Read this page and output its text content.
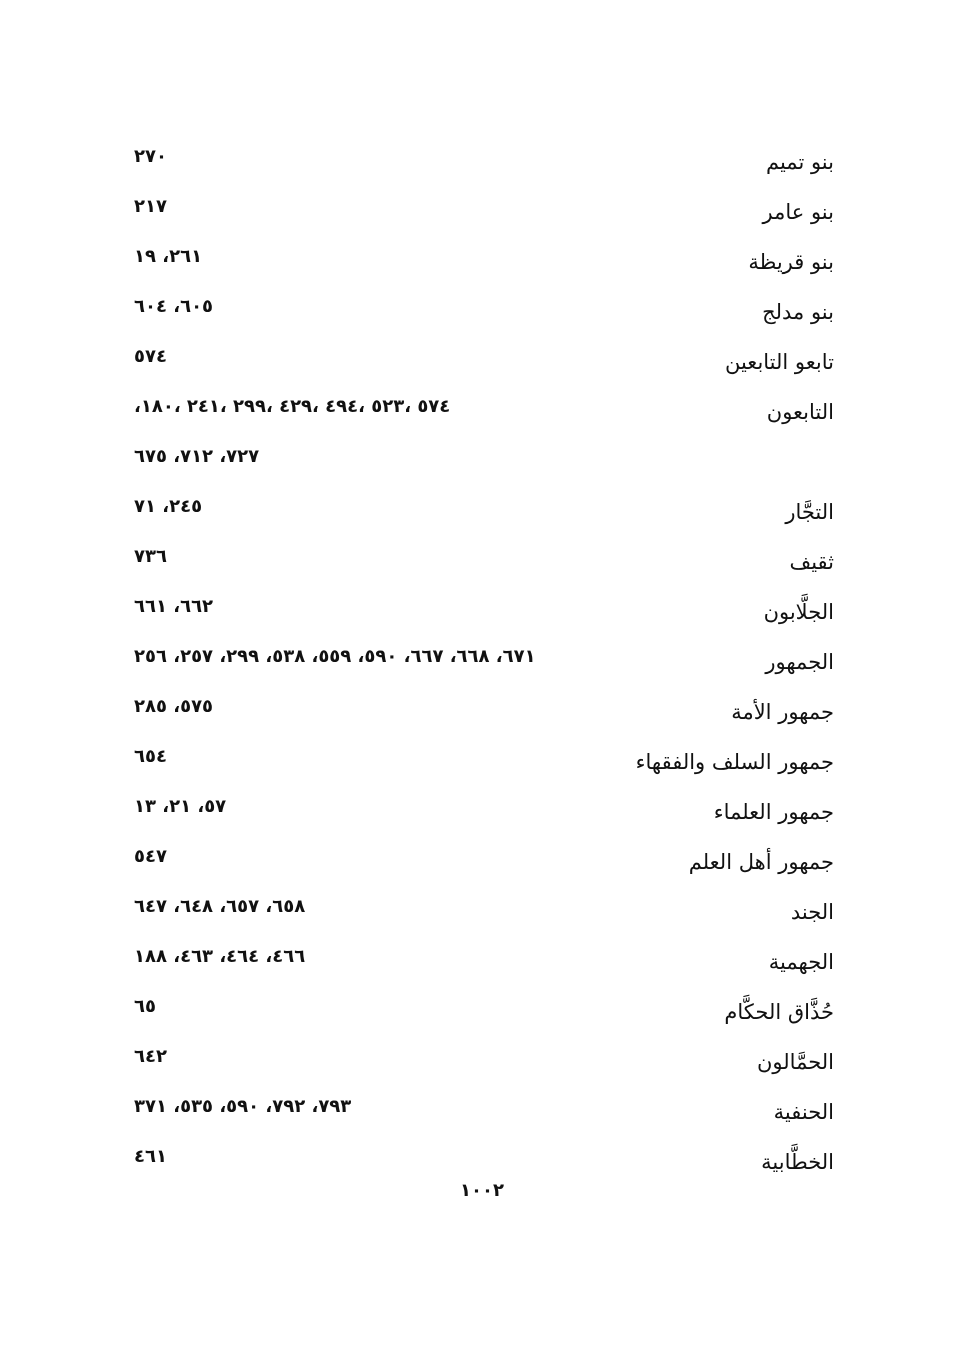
بنو تميم
٢٧٠
بنو عامر
٢١٧
بنو قريظة
٢٦١، ١٩
بنو مدلج
٦٠٥، ٦٠٤
تابعو التابعين
٥٧٤
التابعون
،٥٧٤ ،٥٢٣ ،٤٩٤ ،٤٢٩ ،٢٩٩ ،٢٤١ ،١٨٠
٧٢٧، ٧١٢، ٦٧٥
التجَّار
٢٤٥، ٧١
ثقيف
٧٣٦
الجلَّابون
٦٦٢، ٦٦١
الجمهور
٦٧١، ٦٦٨، ٦٦٧، ٥٩٠، ٥٥٩، ٥٣٨، ٢٩٩، ٢٥٧، ٢٥٦
جمهور الأمة
٥٧٥، ٢٨٥
جمهور السلف والفقهاء
٦٥٤
جمهور العلماء
٥٧، ٢١، ١٣
جمهور أهل العلم
٥٤٧
الجند
٦٥٨، ٦٥٧، ٦٤٨، ٦٤٧
الجهمية
٤٦٦، ٤٦٤، ٤٦٣، ١٨٨
حُذَّاق الحكَّام
٦٥
الحمَّالون
٦٤٢
الحنفية
٧٩٣، ٧٩٢، ٥٩٠، ٥٣٥، ٣٧١
الخطَّابية
٤٦١
١٠٠٢
